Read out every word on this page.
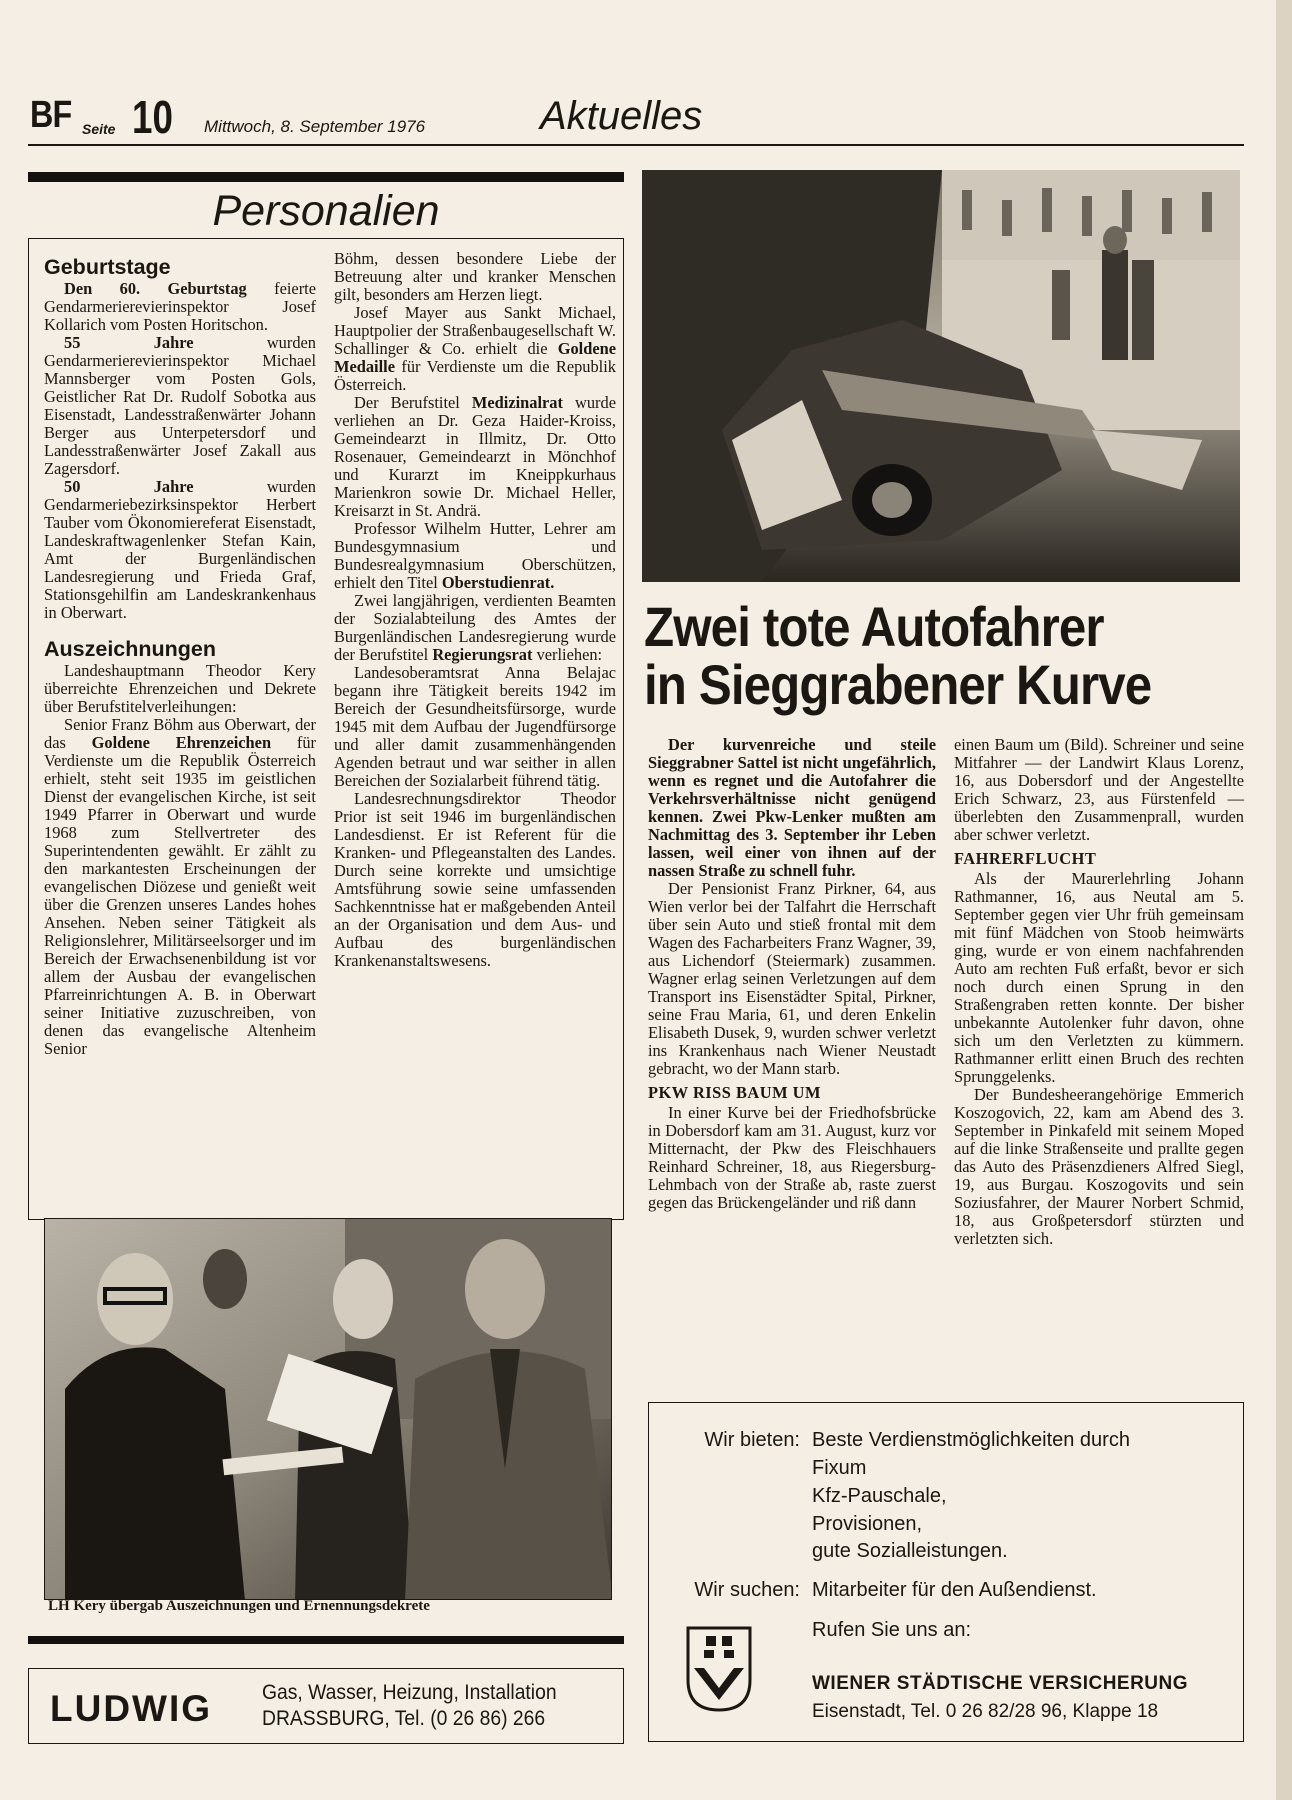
BF Seite 10 Mittwoch, 8. September 1976	Aktuelles
Personalien
Geburtstage

Den 60. Geburtstag feierte Gendarmerierevierinspektor Josef Kollarich vom Posten Horitschon.

55 Jahre wurden Gendarmerierevierinspektor Michael Mannsberger vom Posten Gols, Geistlicher Rat Dr. Rudolf Sobotka aus Eisenstadt, Landesstraßenwärter Johann Berger aus Unterpetersdorf und Landesstraßenwärter Josef Zakall aus Zagersdorf.

50 Jahre wurden Gendarmeriebezirksinspektor Herbert Tauber vom Ökonomiereferat Eisenstadt, Landeskraftwagenlenker Stefan Kain, Amt der Burgenländischen Landesregierung und Frieda Graf, Stationsgehilfin am Landeskrankenhaus in Oberwart.

Auszeichnungen

Landeshauptmann Theodor Kery überreichte Ehrenzeichen und Dekrete über Berufstitelverleihungen:

Senior Franz Böhm aus Oberwart, der das Goldene Ehrenzeichen für Verdienste um die Republik Österreich erhielt, steht seit 1935 im geistlichen Dienst der evangelischen Kirche, ist seit 1949 Pfarrer in Oberwart und wurde 1968 zum Stellvertreter des Superintendenten gewählt. Er zählt zu den markantesten Erscheinungen der evangelischen Diözese und genießt weit über die Grenzen unseres Landes hohes Ansehen. Neben seiner Tätigkeit als Religionslehrer, Militärseelsorger und im Bereich der Erwachsenenbildung ist vor allem der Ausbau der evangelischen Pfarreinrichtungen A. B. in Oberwart seiner Initiative zuzuschreiben, von denen das evangelische Altenheim Senior

Böhm, dessen besondere Liebe der Betreuung alter und kranker Menschen gilt, besonders am Herzen liegt.

Josef Mayer aus Sankt Michael, Hauptpolier der Straßenbaugesellschaft W. Schallinger & Co. erhielt die Goldene Medaille für Verdienste um die Republik Österreich.

Der Berufstitel Medizinalrat wurde verliehen an Dr. Geza Haider-Kroiss, Gemeindearzt in Illmitz, Dr. Otto Rosenauer, Gemeindearzt in Mönchhof und Kurarzt im Kneippkurhaus Marienkron sowie Dr. Michael Heller, Kreisarzt in St. Andrä.

Professor Wilhelm Hutter, Lehrer am Bundesgymnasium und Bundesrealgymnasium Oberschützen, erhielt den Titel Oberstudienrat.

Zwei langjährigen, verdienten Beamten der Sozialabteilung des Amtes der Burgenländischen Landesregierung wurde der Berufstitel Regierungsrat verliehen:

Landesoberamtsrat Anna Belajac begann ihre Tätigkeit bereits 1942 im Bereich der Gesundheitsfürsorge, wurde 1945 mit dem Aufbau der Jugendfürsorge und aller damit zusammenhängenden Agenden betraut und war seither in allen Bereichen der Sozialarbeit führend tätig.

Landesrechnungsdirektor Theodor Prior ist seit 1946 im burgenländischen Landesdienst. Er ist Referent für die Kranken- und Pflegeanstalten des Landes. Durch seine korrekte und umsichtige Amtsführung sowie seine umfassenden Sachkenntnisse hat er maßgebenden Anteil an der Organisation und dem Aus- und Aufbau des burgenländischen Krankenanstaltswesens.

LH Kery übergab Auszeichnungen und Ernennungsdekrete
LUDWIG Gas, Wasser, Heizung, Installation
DRASSBURG, Tel. (0 26 86) 266
Zwei tote Autofahrer
in Sieggrabener Kurve

Der kurvenreiche und steile Sieggrabner Sattel ist nicht ungefährlich, wenn es regnet und die Autofahrer die Verkehrsverhältnisse nicht genügend kennen. Zwei Pkw-Lenker mußten am Nachmittag des 3. September ihr Leben lassen, weil einer von ihnen auf der nassen Straße zu schnell fuhr.

Der Pensionist Franz Pirkner, 64, aus Wien verlor bei der Talfahrt die Herrschaft über sein Auto und stieß frontal mit dem Wagen des Facharbeiters Franz Wagner, 39, aus Lichendorf (Steiermark) zusammen. Wagner erlag seinen Verletzungen auf dem Transport ins Eisenstädter Spital, Pirkner, seine Frau Maria, 61, und deren Enkelin Elisabeth Dusek, 9, wurden schwer verletzt ins Krankenhaus nach Wiener Neustadt gebracht, wo der Mann starb.

PKW RISS BAUM UM

In einer Kurve bei der Friedhofsbrücke in Dobersdorf kam am 31. August, kurz vor Mitternacht, der Pkw des Fleischhauers Reinhard Schreiner, 18, aus Riegersburg-Lehmbach von der Straße ab, raste zuerst gegen das Brückengeländer und riß dann

einen Baum um (Bild). Schreiner und seine Mitfahrer — der Landwirt Klaus Lorenz, 16, aus Dobersdorf und der Angestellte Erich Schwarz, 23, aus Fürstenfeld — überlebten den Zusammenprall, wurden aber schwer verletzt.

FAHRERFLUCHT

Als der Maurerlehrling Johann Rathmanner, 16, aus Neutal am 5. September gegen vier Uhr früh gemeinsam mit fünf Mädchen von Stoob heimwärts ging, wurde er von einem nachfahrenden Auto am rechten Fuß erfaßt, bevor er sich noch durch einen Sprung in den Straßengraben retten konnte. Der bisher unbekannte Autolenker fuhr davon, ohne sich um den Verletzten zu kümmern. Rathmanner erlitt einen Bruch des rechten Sprunggelenks.

Der Bundesheerangehörige Emmerich Koszogovich, 22, kam am Abend des 3. September in Pinkafeld mit seinem Moped auf die linke Straßenseite und prallte gegen das Auto des Präsenzdieners Alfred Siegl, 19, aus Burgau. Koszogovits und sein Soziusfahrer, der Maurer Norbert Schmid, 18, aus Großpetersdorf stürzten und verletzten sich.

Wir bieten: Beste Verdienstmöglichkeiten durch
Fixum
Kfz-Pauschale,
Provisionen,
gute Sozialleistungen.
Wir suchen: Mitarbeiter für den Außendienst.
Rufen Sie uns an:
WIENER STÄDTISCHE VERSICHERUNG
Eisenstadt, Tel. 0 26 82/28 96, Klappe 18
